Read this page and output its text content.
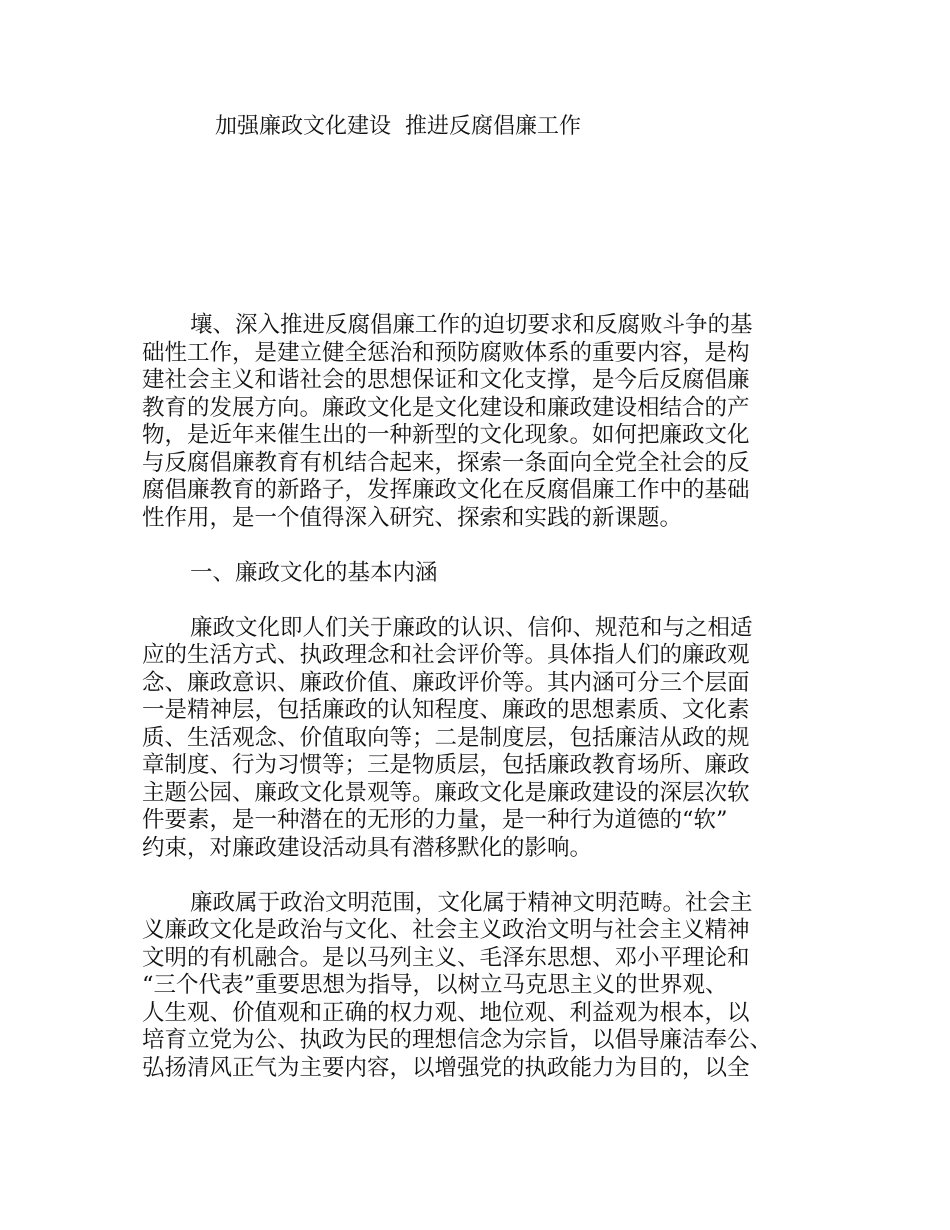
加强廉政文化建设  推进反腐倡廉工作
壤、深入推进反腐倡廉工作的迫切要求和反腐败斗争的基
础性工作，是建立健全惩治和预防腐败体系的重要内容，是构
建社会主义和谐社会的思想保证和文化支撑，是今后反腐倡廉
教育的发展方向。廉政文化是文化建设和廉政建设相结合的产
物，是近年来催生出的一种新型的文化现象。如何把廉政文化
与反腐倡廉教育有机结合起来，探索一条面向全党全社会的反
腐倡廉教育的新路子，发挥廉政文化在反腐倡廉工作中的基础
性作用，是一个值得深入研究、探索和实践的新课题。
一、廉政文化的基本内涵
廉政文化即人们关于廉政的认识、信仰、规范和与之相适
应的生活方式、执政理念和社会评价等。具体指人们的廉政观
念、廉政意识、廉政价值、廉政评价等。其内涵可分三个层面
一是精神层，包括廉政的认知程度、廉政的思想素质、文化素
质、生活观念、价值取向等；二是制度层，包括廉洁从政的规
章制度、行为习惯等；三是物质层，包括廉政教育场所、廉政
主题公园、廉政文化景观等。廉政文化是廉政建设的深层次软
件要素，是一种潜在的无形的力量，是一种行为道德的“软”
约束，对廉政建设活动具有潜移默化的影响。
廉政属于政治文明范围，文化属于精神文明范畴。社会主
义廉政文化是政治与文化、社会主义政治文明与社会主义精神
文明的有机融合。是以马列主义、毛泽东思想、邓小平理论和
“三个代表”重要思想为指导，以树立马克思主义的世界观、
人生观、价值观和正确的权力观、地位观、利益观为根本，以
培育立党为公、执政为民的理想信念为宗旨，以倡导廉洁奉公、
弘扬清风正气为主要内容，以增强党的执政能力为目的，以全
